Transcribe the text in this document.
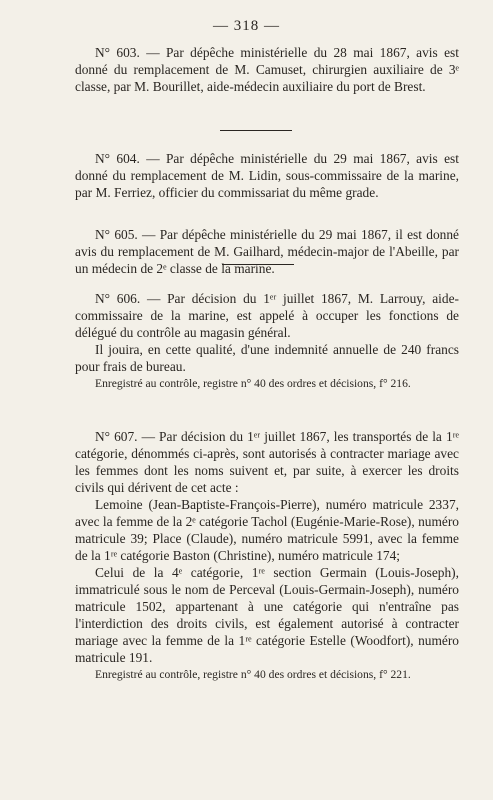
— 318 —

N° 603. — Par dépêche ministérielle du 28 mai 1867, avis est donné du remplacement de M. Camuset, chirurgien auxiliaire de 3ᵉ classe, par M. Bourillet, aide-médecin auxiliaire du port de Brest.

N° 604. — Par dépêche ministérielle du 29 mai 1867, avis est donné du remplacement de M. Lidin, sous-commissaire de la marine, par M. Ferriez, officier du commissariat du même grade.

N° 605. — Par dépêche ministérielle du 29 mai 1867, il est donné avis du remplacement de M. Gailhard, médecin-major de l'Abeille, par un médecin de 2ᵉ classe de la marine.

N° 606. — Par décision du 1ᵉʳ juillet 1867, M. Larrouy, aide-commissaire de la marine, est appelé à occuper les fonctions de délégué du contrôle au magasin général.

Il jouira, en cette qualité, d'une indemnité annuelle de 240 francs pour frais de bureau.

Enregistré au contrôle, registre n° 40 des ordres et décisions, f° 216.

N° 607. — Par décision du 1ᵉʳ juillet 1867, les transportés de la 1ʳᵉ catégorie, dénommés ci-après, sont autorisés à contracter mariage avec les femmes dont les noms suivent et, par suite, à exercer les droits civils qui dérivent de cet acte :

Lemoine (Jean-Baptiste-François-Pierre), numéro matricule 2337, avec la femme de la 2ᵉ catégorie Tachol (Eugénie-Marie-Rose), numéro matricule 39; Place (Claude), numéro matricule 5991, avec la femme de la 1ʳᵉ catégorie Baston (Christine), numéro matricule 174;

Celui de la 4ᵉ catégorie, 1ʳᵉ section Germain (Louis-Joseph), immatriculé sous le nom de Perceval (Louis-Germain-Joseph), numéro matricule 1502, appartenant à une catégorie qui n'entraîne pas l'interdiction des droits civils, est également autorisé à contracter mariage avec la femme de la 1ʳᵉ catégorie Estelle (Woodfort), numéro matricule 191.

Enregistré au contrôle, registre n° 40 des ordres et décisions, f° 221.
